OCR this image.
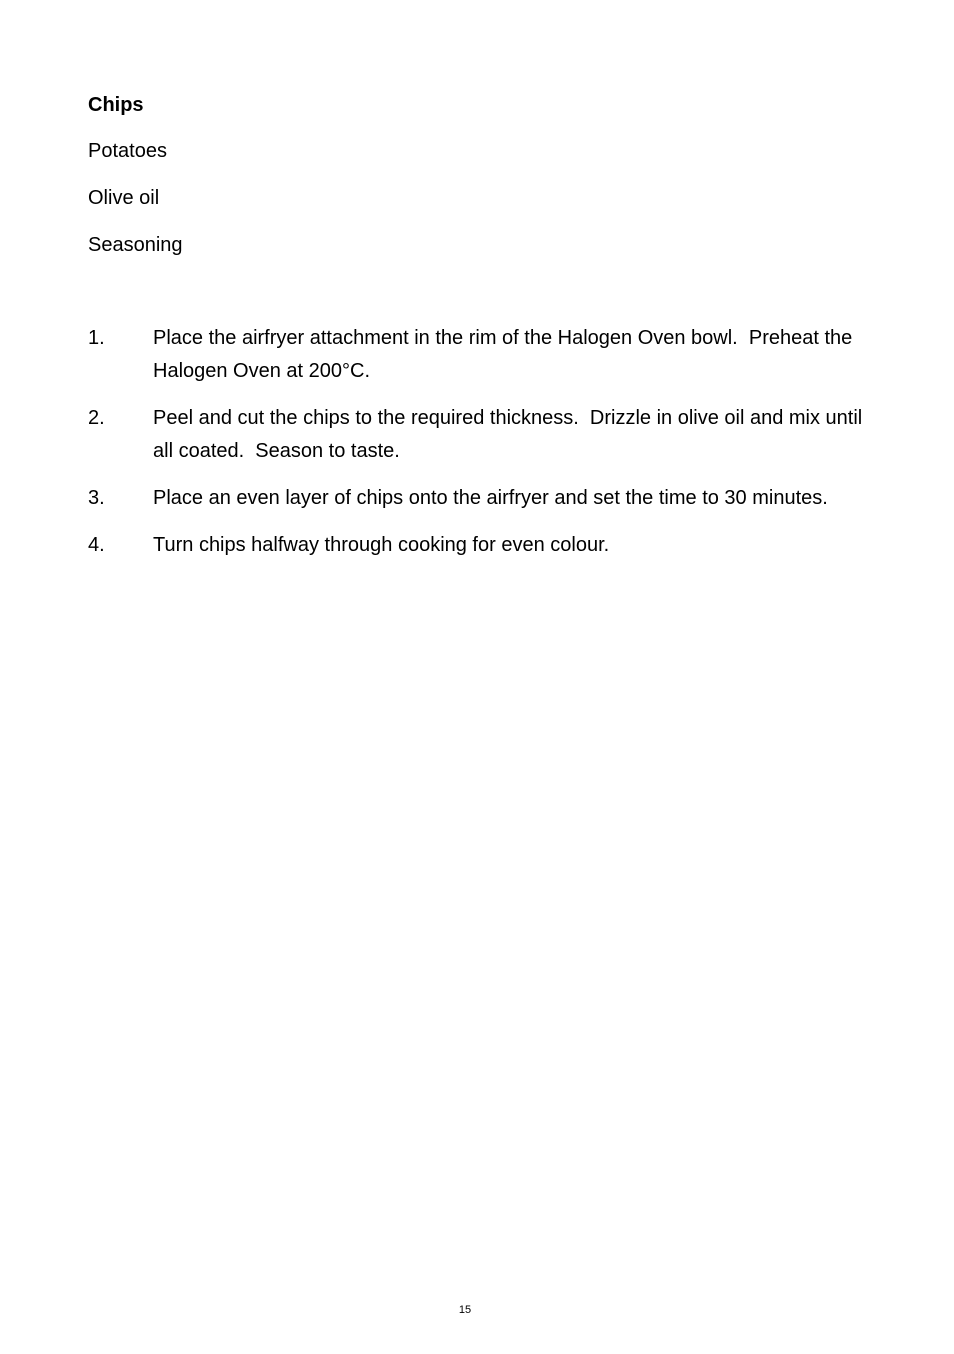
Chips

Potatoes

Olive oil

Seasoning

1.	Place the airfryer attachment in the rim of the Halogen Oven bowl.  Preheat the Halogen Oven at 200°C.
2.	Peel and cut the chips to the required thickness.  Drizzle in olive oil and mix until all coated.  Season to taste.
3.	Place an even layer of chips onto the airfryer and set the time to 30 minutes.
4.	Turn chips halfway through cooking for even colour.
15
